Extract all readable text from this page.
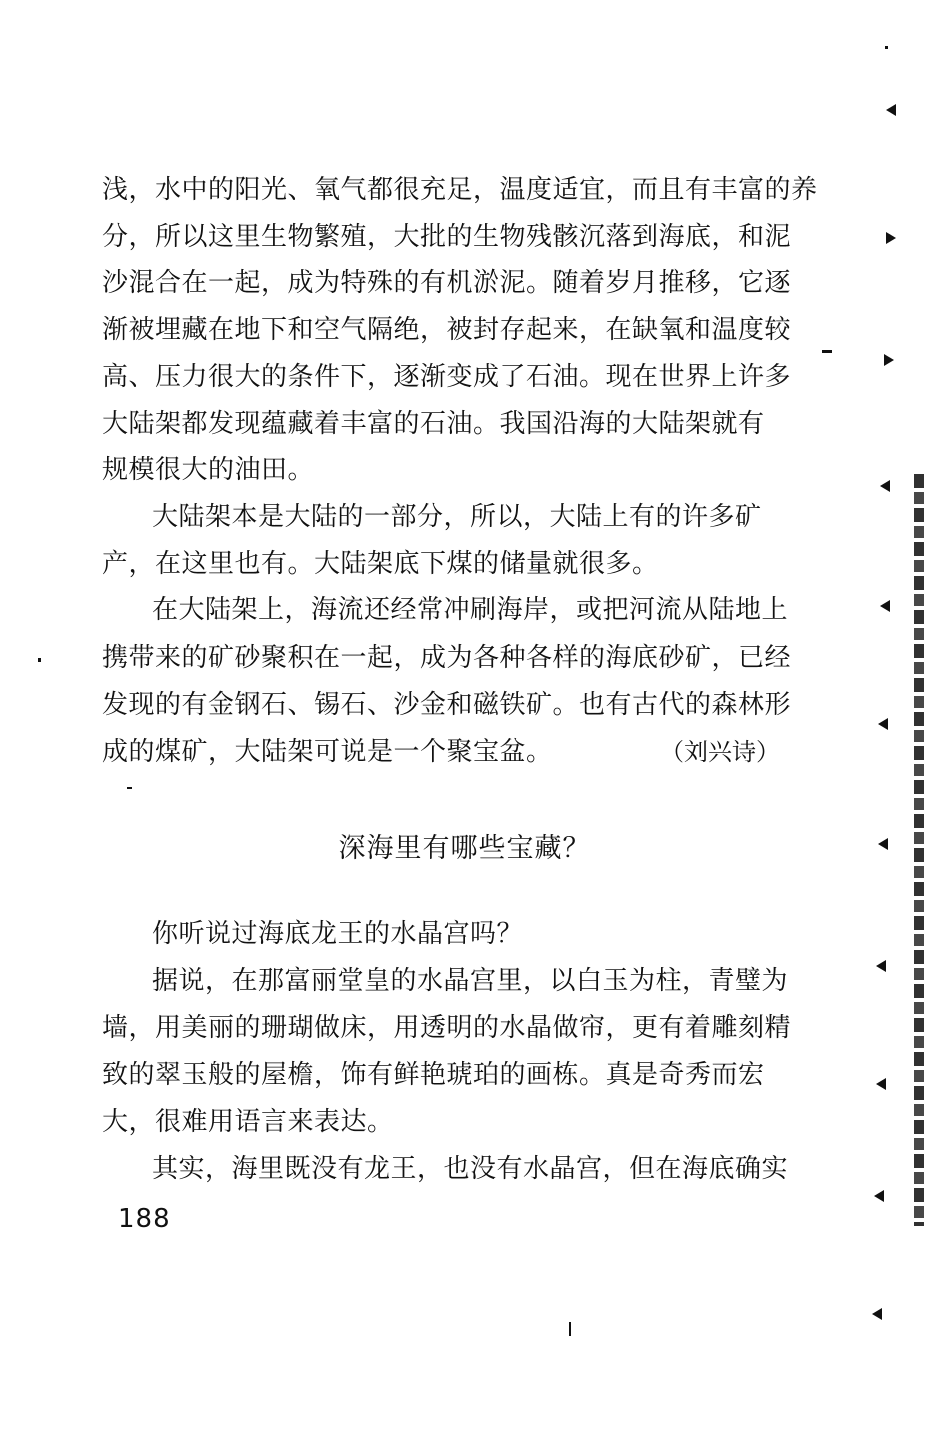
浅，水中的阳光、氧气都很充足，温度适宜，而且有丰富的养
分，所以这里生物繁殖，大批的生物残骸沉落到海底，和泥
沙混合在一起，成为特殊的有机淤泥。随着岁月推移，它逐
渐被埋藏在地下和空气隔绝，被封存起来，在缺氧和温度较
高、压力很大的条件下，逐渐变成了石油。现在世界上许多
大陆架都发现蕴藏着丰富的石油。我国沿海的大陆架就有
规模很大的油田。
大陆架本是大陆的一部分，所以，大陆上有的许多矿
产，在这里也有。大陆架底下煤的储量就很多。
在大陆架上，海流还经常冲刷海岸，或把河流从陆地上
携带来的矿砂聚积在一起，成为各种各样的海底砂矿，已经
发现的有金钢石、锡石、沙金和磁铁矿。也有古代的森林形
成的煤矿，大陆架可说是一个聚宝盆。	（刘兴诗）
深海里有哪些宝藏？
你听说过海底龙王的水晶宫吗？
据说，在那富丽堂皇的水晶宫里，以白玉为柱，青璧为
墙，用美丽的珊瑚做床，用透明的水晶做帘，更有着雕刻精
致的翠玉般的屋檐，饰有鲜艳琥珀的画栋。真是奇秀而宏
大，很难用语言来表达。
其实，海里既没有龙王，也没有水晶宫，但在海底确实
188
